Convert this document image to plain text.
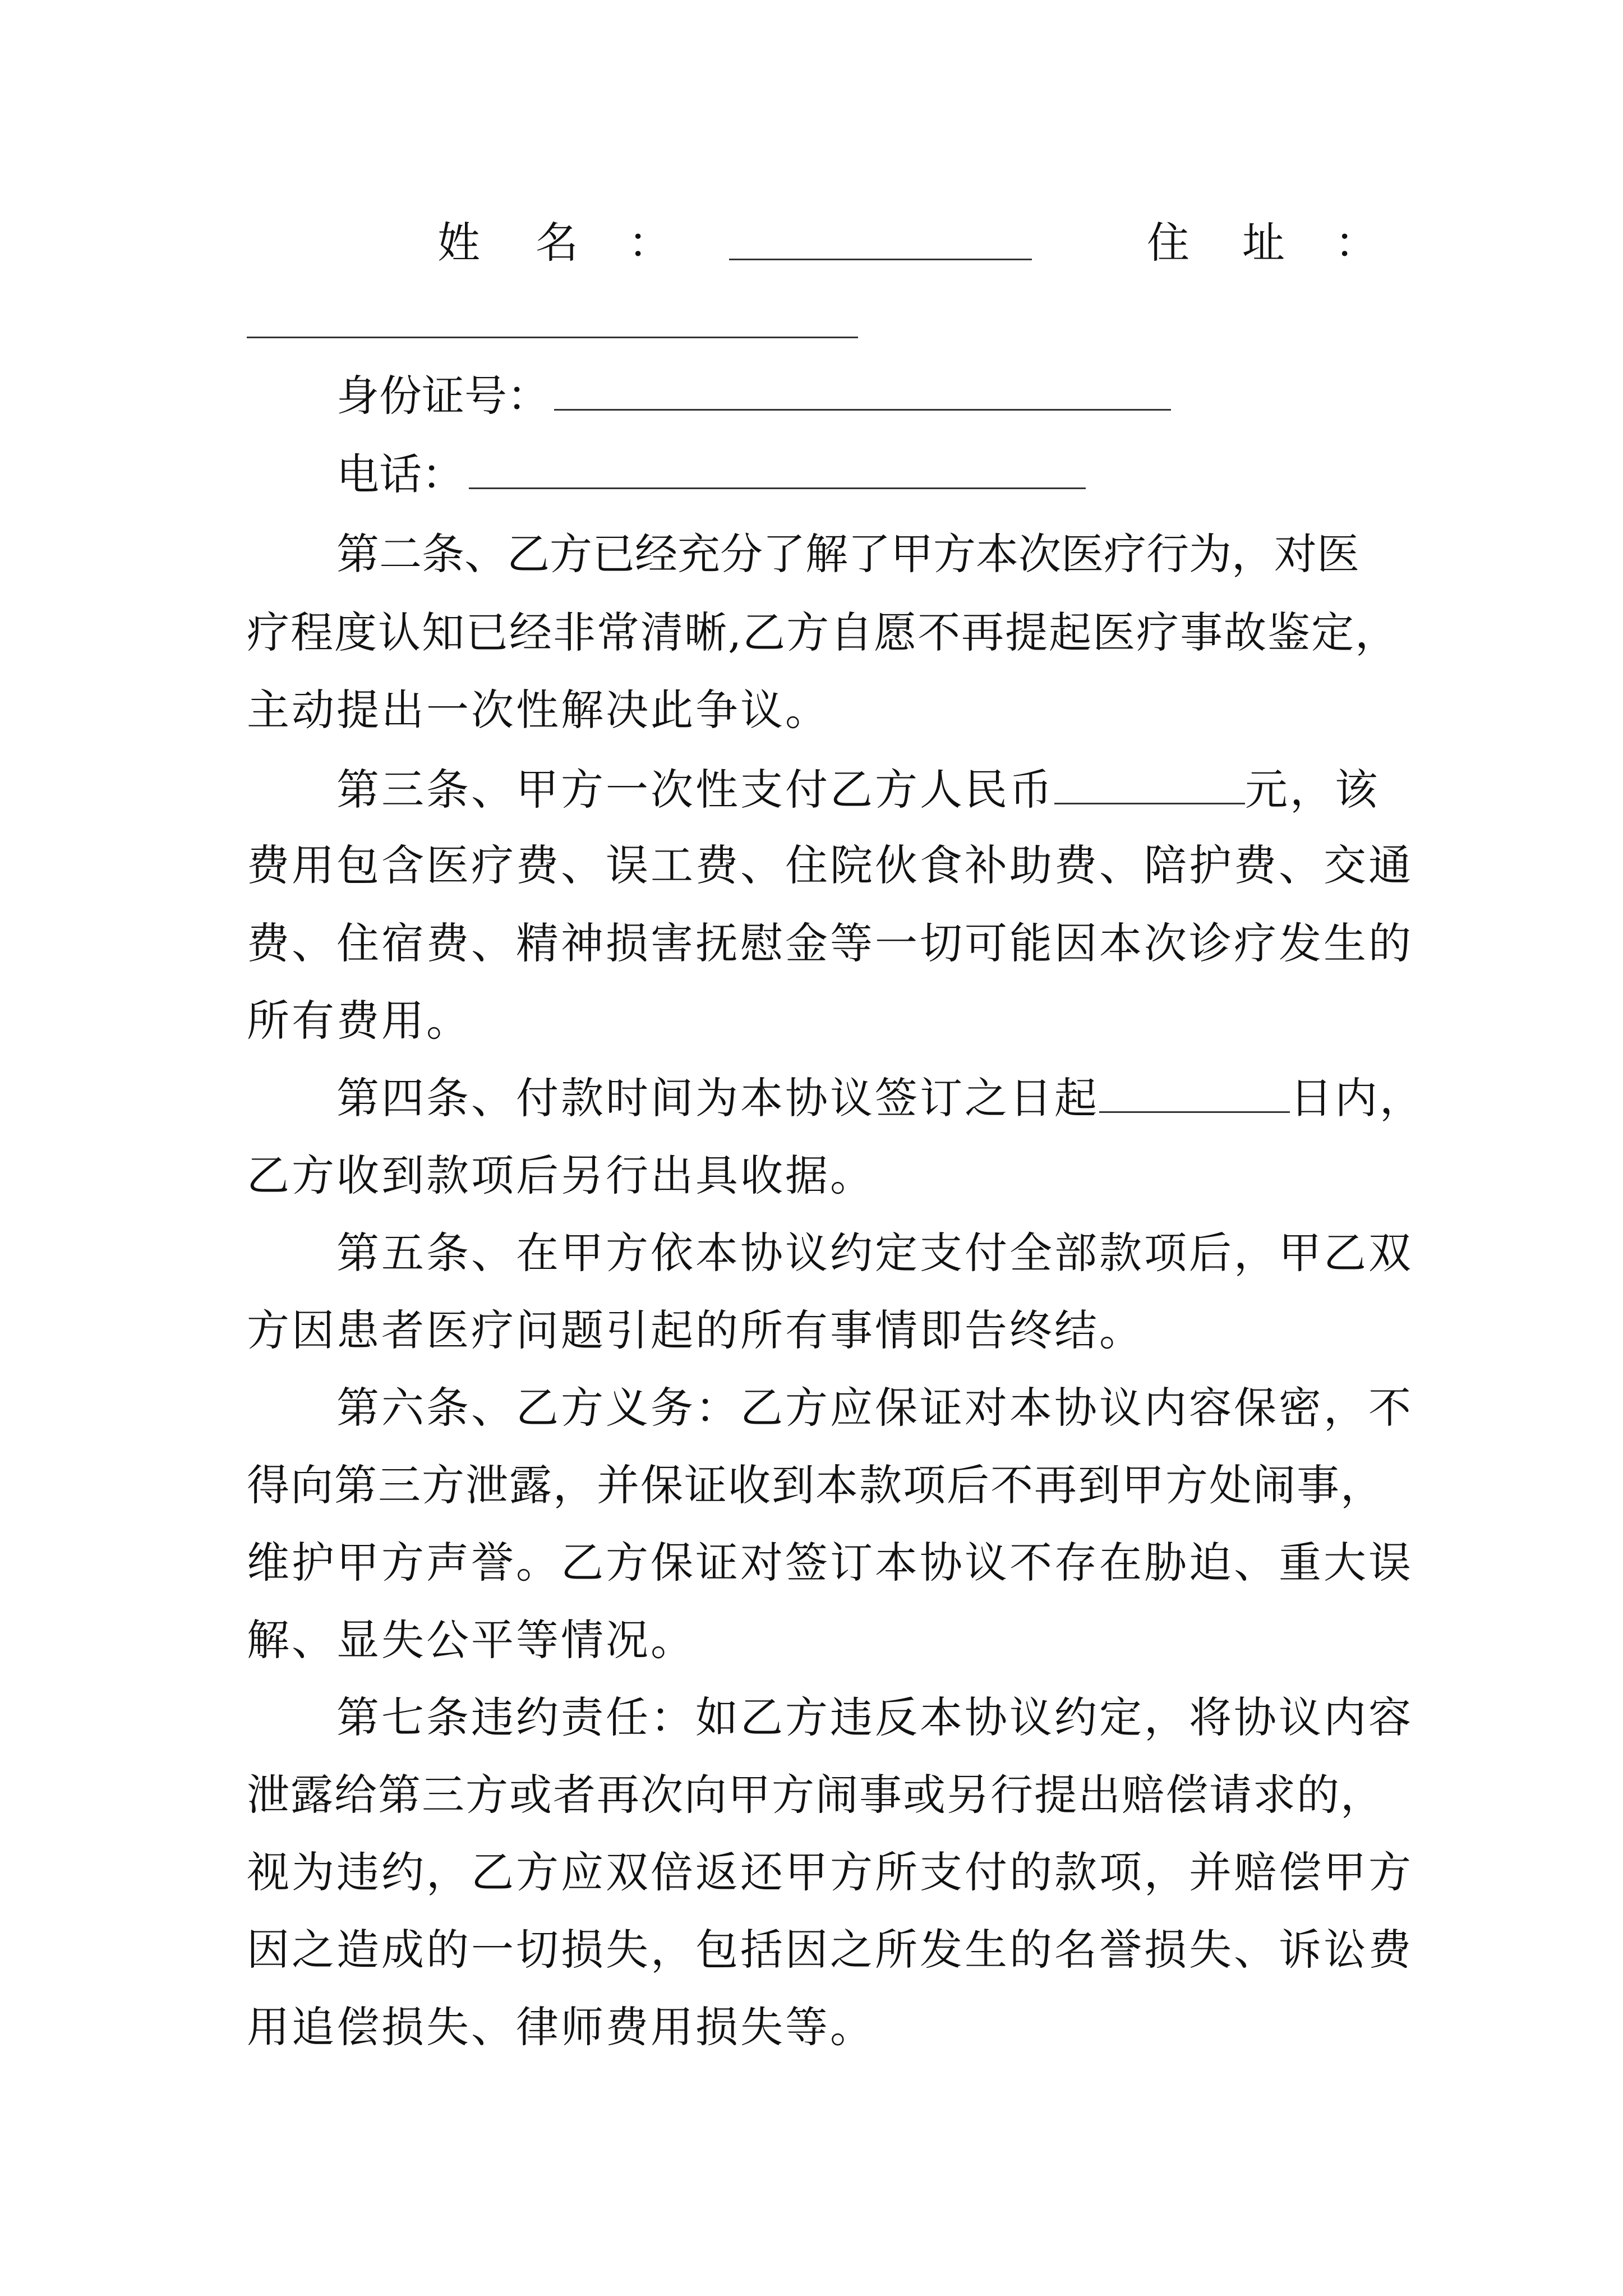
姓 名 ：	住 址 ：
身份证号：
电话：
第二条、乙方已经充分了解了甲方本次医疗行为，对医
疗程度认知已经非常清晰,乙方自愿不再提起医疗事故鉴定，
主动提出一次性解决此争议。
第三条、甲方一次性支付乙方人民币	元，该
费用包含医疗费、误工费、住院伙食补助费、陪护费、交通
费、住宿费、精神损害抚慰金等一切可能因本次诊疗发生的
所有费用。
第四条、付款时间为本协议签订之日起	日内，
乙方收到款项后另行出具收据。
第五条、在甲方依本协议约定支付全部款项后，甲乙双
方因患者医疗问题引起的所有事情即告终结。
第六条、乙方义务：乙方应保证对本协议内容保密，不
得向第三方泄露，并保证收到本款项后不再到甲方处闹事，
维护甲方声誉。乙方保证对签订本协议不存在胁迫、重大误
解、显失公平等情况。
第七条违约责任：如乙方违反本协议约定，将协议内容
泄露给第三方或者再次向甲方闹事或另行提出赔偿请求的，
视为违约，乙方应双倍返还甲方所支付的款项，并赔偿甲方
因之造成的一切损失，包括因之所发生的名誉损失、诉讼费
用追偿损失、律师费用损失等。
